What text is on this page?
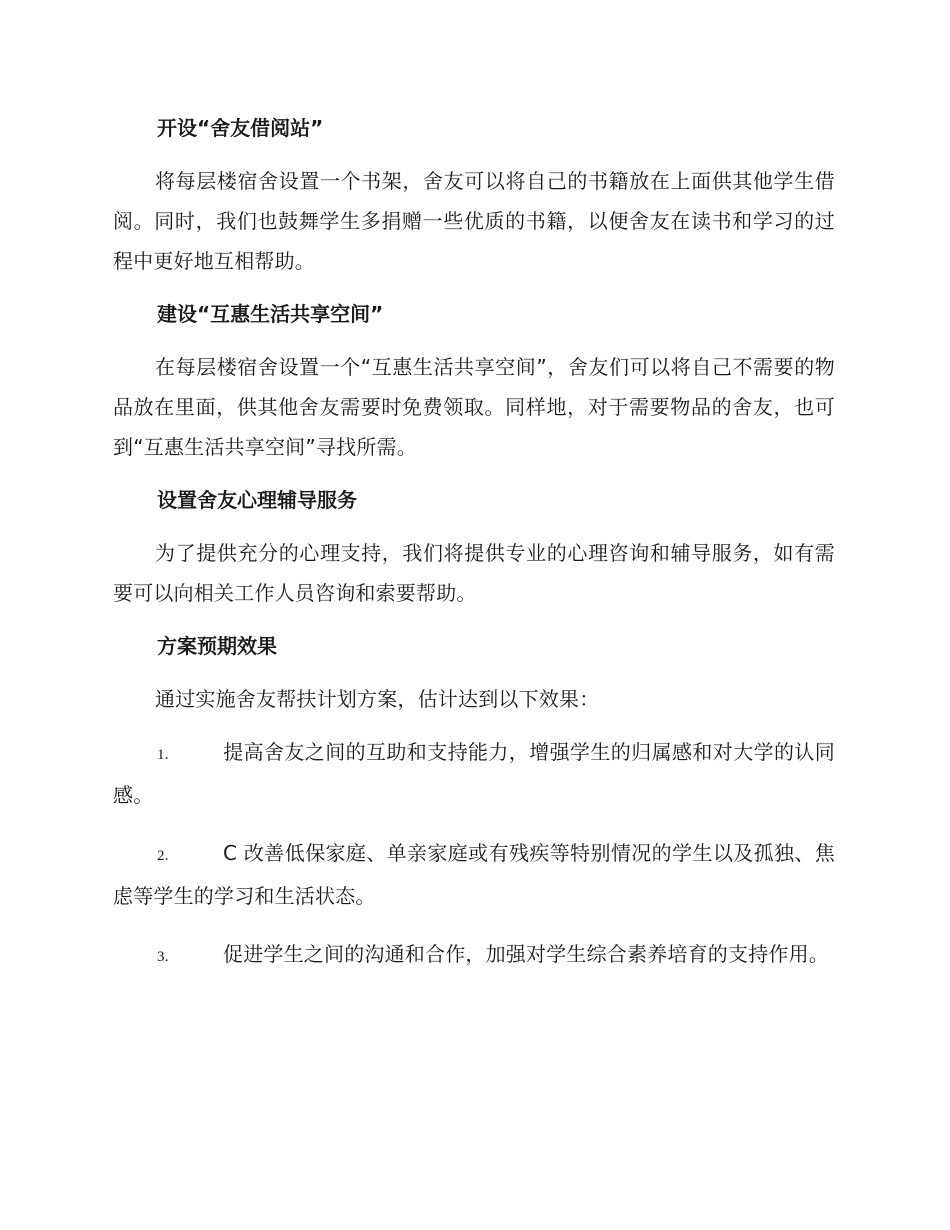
开设“舍友借阅站”

将每层楼宿舍设置一个书架，舍友可以将自己的书籍放在上面供其他学生借阅。同时，我们也鼓舞学生多捐赠一些优质的书籍，以便舍友在读书和学习的过程中更好地互相帮助。

建设“互惠生活共享空间”

在每层楼宿舍设置一个“互惠生活共享空间”，舍友们可以将自己不需要的物品放在里面，供其他舍友需要时免费领取。同样地，对于需要物品的舍友，也可到“互惠生活共享空间”寻找所需。

设置舍友心理辅导服务

为了提供充分的心理支持，我们将提供专业的心理咨询和辅导服务，如有需要可以向相关工作人员咨询和索要帮助。

方案预期效果

通过实施舍友帮扶计划方案，估计达到以下效果：

1.	提高舍友之间的互助和支持能力，增强学生的归属感和对大学的认同感。

2.	C 改善低保家庭、单亲家庭或有残疾等特别情况的学生以及孤独、焦虑等学生的学习和生活状态。

3.	促进学生之间的沟通和合作，加强对学生综合素养培育的支持作用。
